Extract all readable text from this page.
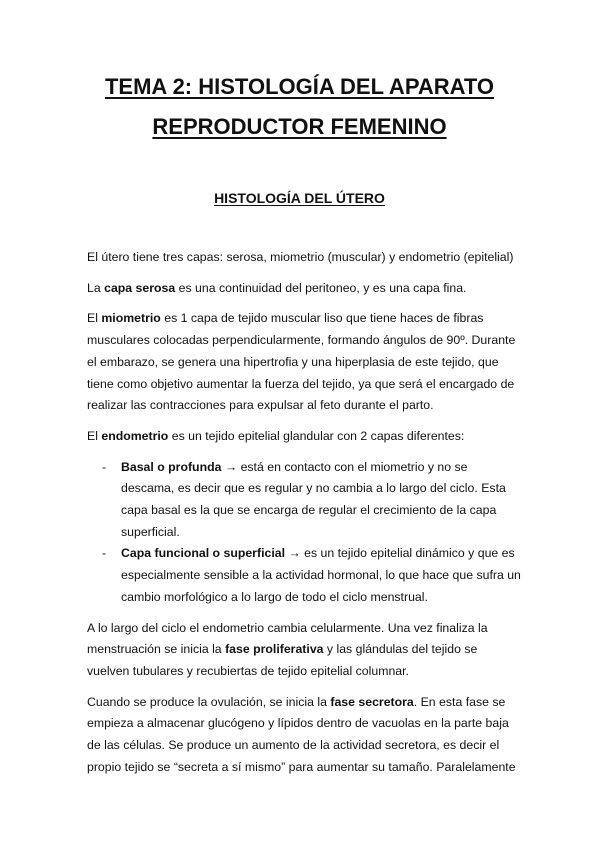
TEMA 2: HISTOLOGÍA DEL APARATO
REPRODUCTOR FEMENINO
HISTOLOGÍA DEL ÚTERO

El útero tiene tres capas: serosa, miometrio (muscular) y endometrio (epitelial)

La capa serosa es una continuidad del peritoneo, y es una capa fina.

El miometrio es 1 capa de tejido muscular liso que tiene haces de fibras musculares colocadas perpendicularmente, formando ángulos de 90º. Durante el embarazo, se genera una hipertrofia y una hiperplasia de este tejido, que tiene como objetivo aumentar la fuerza del tejido, ya que será el encargado de realizar las contracciones para expulsar al feto durante el parto.

El endometrio es un tejido epitelial glandular con 2 capas diferentes:

- Basal o profunda → está en contacto con el miometrio y no se descama, es decir que es regular y no cambia a lo largo del ciclo. Esta capa basal es la que se encarga de regular el crecimiento de la capa superficial.
- Capa funcional o superficial → es un tejido epitelial dinámico y que es especialmente sensible a la actividad hormonal, lo que hace que sufra un cambio morfológico a lo largo de todo el ciclo menstrual.

A lo largo del ciclo el endometrio cambia celularmente. Una vez finaliza la menstruación se inicia la fase proliferativa y las glándulas del tejido se vuelven tubulares y recubiertas de tejido epitelial columnar.

Cuando se produce la ovulación, se inicia la fase secretora. En esta fase se empieza a almacenar glucógeno y lípidos dentro de vacuolas en la parte baja de las células. Se produce un aumento de la actividad secretora, es decir el propio tejido se “secreta a sí mismo” para aumentar su tamaño. Paralelamente
